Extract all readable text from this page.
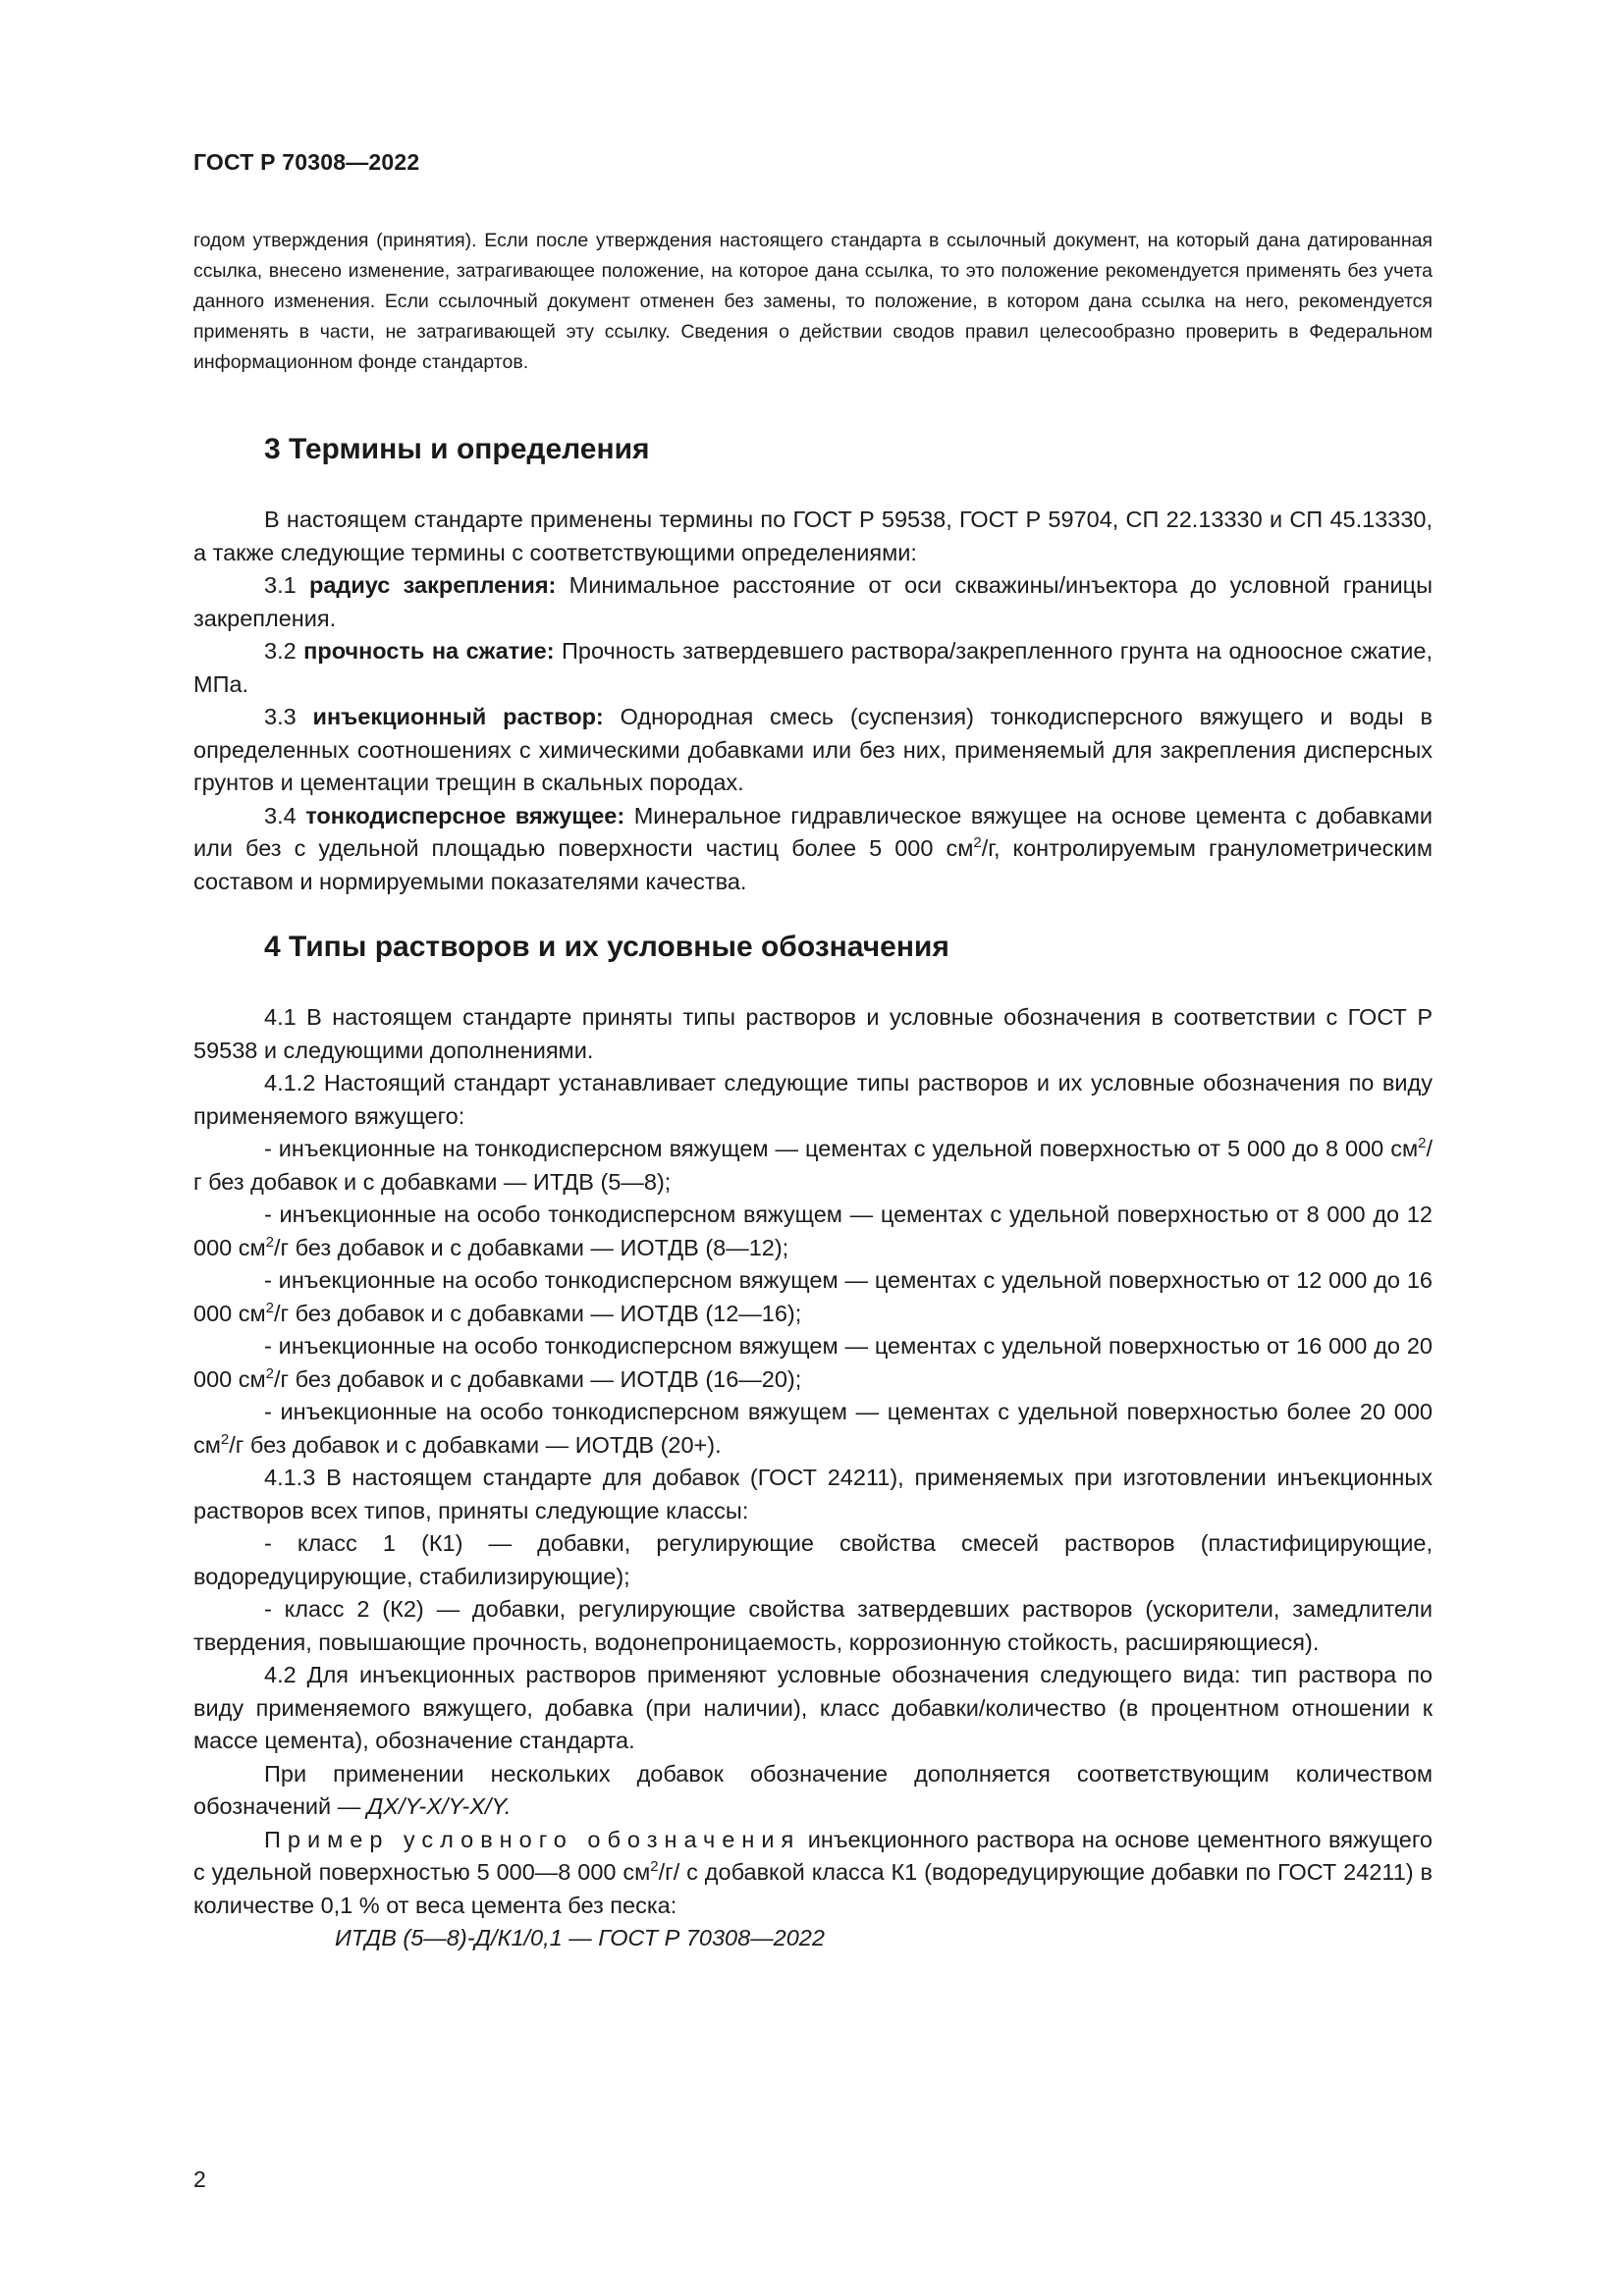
ГОСТ Р 70308—2022

годом утверждения (принятия). Если после утверждения настоящего стандарта в ссылочный документ, на который дана датированная ссылка, внесено изменение, затрагивающее положение, на которое дана ссылка, то это положение рекомендуется применять без учета данного изменения. Если ссылочный документ отменен без замены, то положение, в котором дана ссылка на него, рекомендуется применять в части, не затрагивающей эту ссылку. Сведения о действии сводов правил целесообразно проверить в Федеральном информационном фонде стандартов.

3 Термины и определения

В настоящем стандарте применены термины по ГОСТ Р 59538, ГОСТ Р 59704, СП 22.13330 и СП 45.13330, а также следующие термины с соответствующими определениями:

3.1 радиус закрепления: Минимальное расстояние от оси скважины/инъектора до условной границы закрепления.

3.2 прочность на сжатие: Прочность затвердевшего раствора/закрепленного грунта на одноосное сжатие, МПа.

3.3 инъекционный раствор: Однородная смесь (суспензия) тонкодисперсного вяжущего и воды в определенных соотношениях с химическими добавками или без них, применяемый для закрепления дисперсных грунтов и цементации трещин в скальных породах.

3.4 тонкодисперсное вяжущее: Минеральное гидравлическое вяжущее на основе цемента с добавками или без с удельной площадью поверхности частиц более 5 000 $см^2/г$, контролируемым гранулометрическим составом и нормируемыми показателями качества.

4 Типы растворов и их условные обозначения

4.1 В настоящем стандарте приняты типы растворов и условные обозначения в соответствии с ГОСТ Р 59538 и следующими дополнениями.

4.1.2 Настоящий стандарт устанавливает следующие типы растворов и их условные обозначения по виду применяемого вяжущего:

- инъекционные на тонкодисперсном вяжущем — цементах с удельной поверхностью от 5 000 до 8 000 $см^2/г$ без добавок и с добавками — ИТДВ (5—8);

- инъекционные на особо тонкодисперсном вяжущем — цементах с удельной поверхностью от 8 000 до 12 000 $см^2/г$ без добавок и с добавками — ИОТДВ (8—12);

- инъекционные на особо тонкодисперсном вяжущем — цементах с удельной поверхностью от 12 000 до 16 000 $см^2/г$ без добавок и с добавками — ИОТДВ (12—16);

- инъекционные на особо тонкодисперсном вяжущем — цементах с удельной поверхностью от 16 000 до 20 000 $см^2/г$ без добавок и с добавками — ИОТДВ (16—20);

- инъекционные на особо тонкодисперсном вяжущем — цементах с удельной поверхностью более 20 000 $см^2/г$ без добавок и с добавками — ИОТДВ (20+).

4.1.3 В настоящем стандарте для добавок (ГОСТ 24211), применяемых при изготовлении инъекционных растворов всех типов, приняты следующие классы:

- класс 1 (К1) — добавки, регулирующие свойства смесей растворов (пластифицирующие, водоредуцирующие, стабилизирующие);

- класс 2 (К2) — добавки, регулирующие свойства затвердевших растворов (ускорители, замедлители твердения, повышающие прочность, водонепроницаемость, коррозионную стойкость, расширяющиеся).

4.2 Для инъекционных растворов применяют условные обозначения следующего вида: тип раствора по виду применяемого вяжущего, добавка (при наличии), класс добавки/количество (в процентном отношении к массе цемента), обозначение стандарта.

При применении нескольких добавок обозначение дополняется соответствующим количеством обозначений — ДХ/Y-X/Y-X/Y.

Пример условного обозначения инъекционного раствора на основе цементного вяжущего с удельной поверхностью 5 000—8 000 $см^2/г/$ с добавкой класса К1 (водоредуцирующие добавки по ГОСТ 24211) в количестве 0,1 % от веса цемента без песка:

ИТДВ (5—8)-Д/К1/0,1 — ГОСТ Р 70308—2022

2
